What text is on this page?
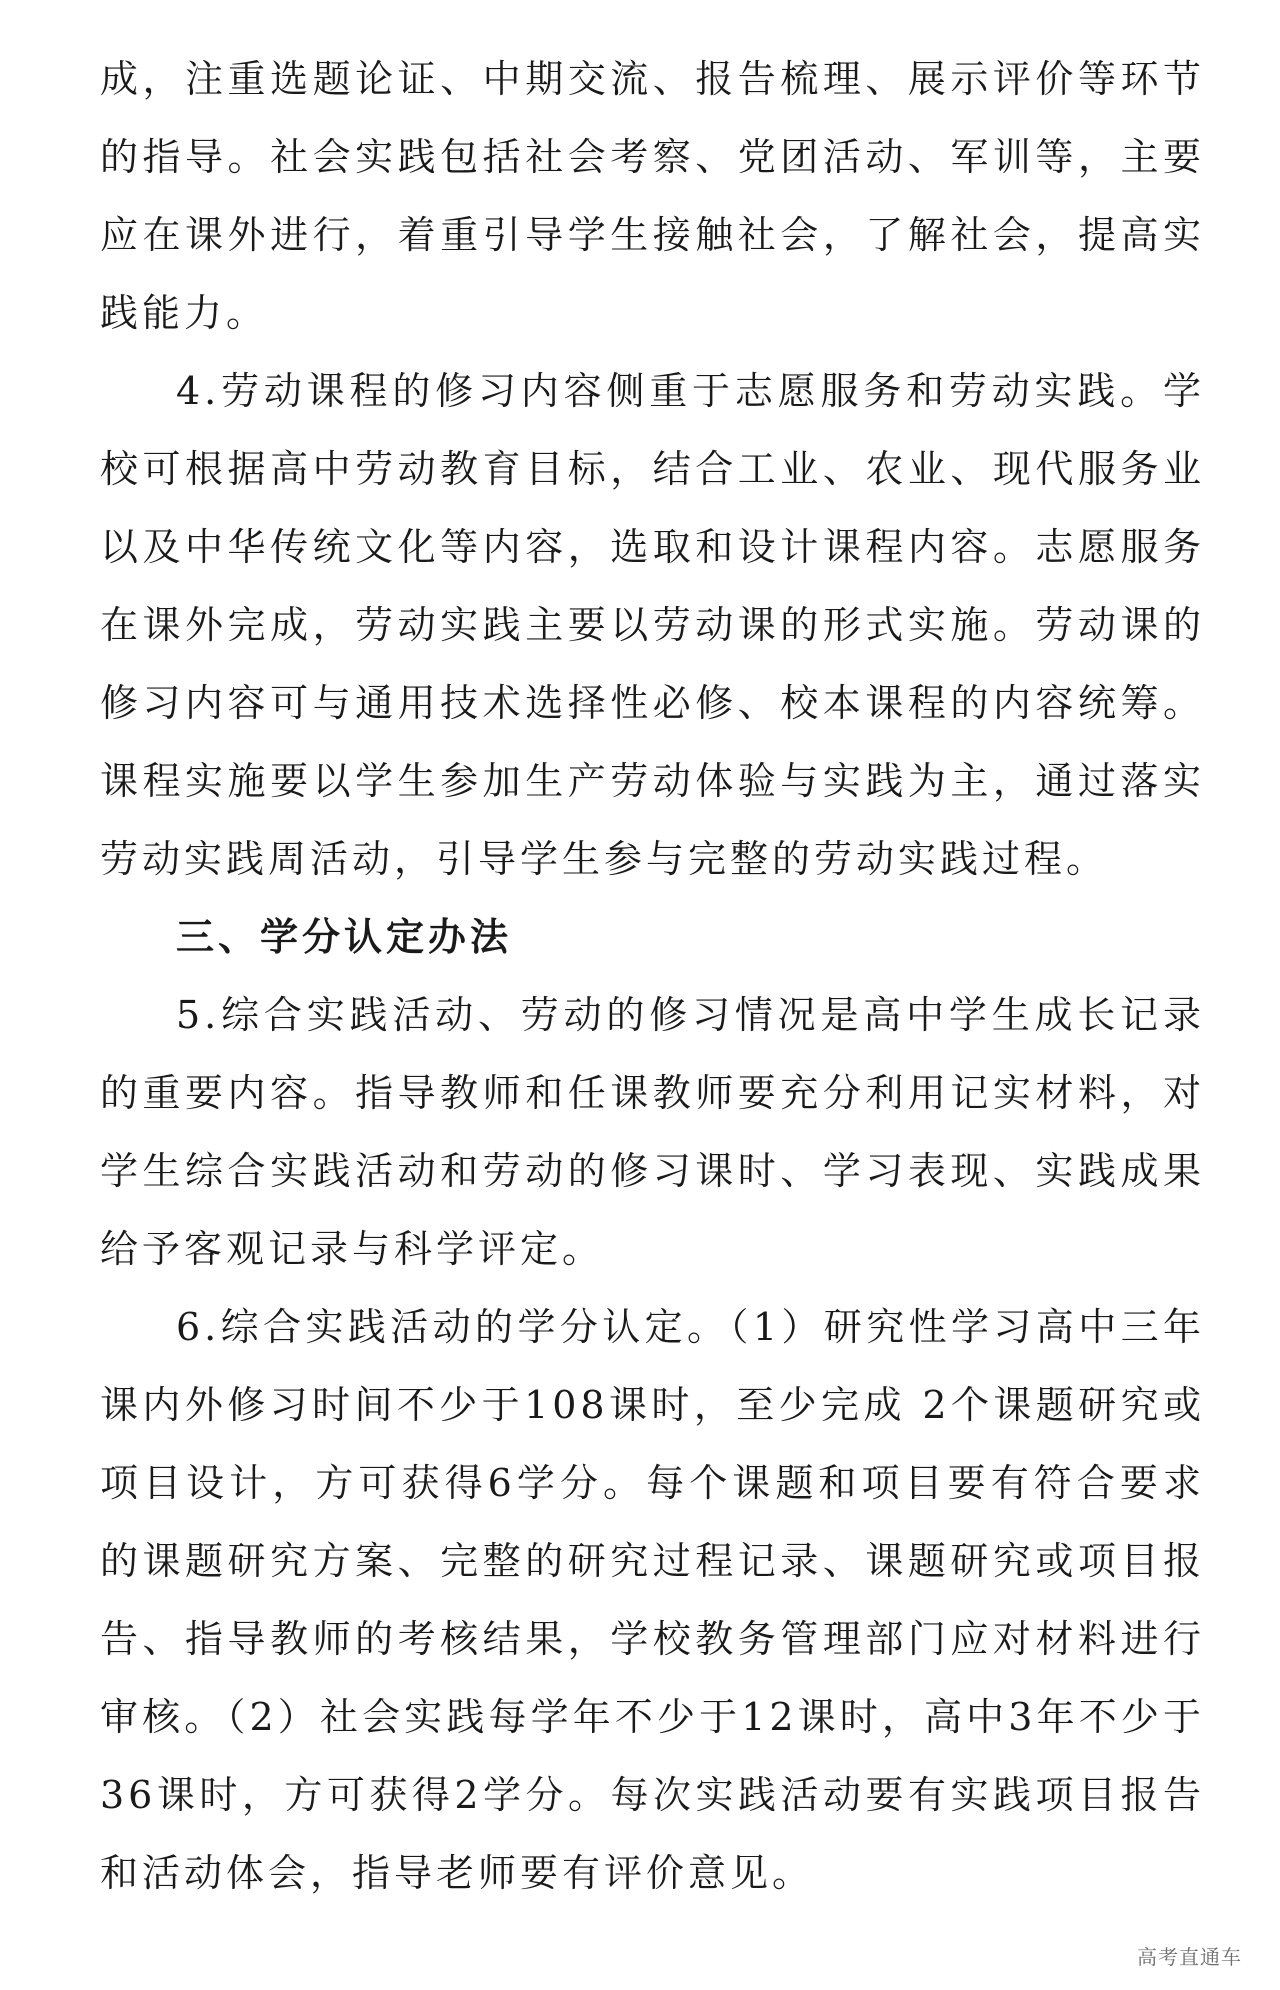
成，注重选题论证、中期交流、报告梳理、展示评价等环节的指导。社会实践包括社会考察、党团活动、军训等，主要应在课外进行，着重引导学生接触社会，了解社会，提高实践能力。

4.劳动课程的修习内容侧重于志愿服务和劳动实践。学校可根据高中劳动教育目标，结合工业、农业、现代服务业以及中华传统文化等内容，选取和设计课程内容。志愿服务在课外完成，劳动实践主要以劳动课的形式实施。劳动课的修习内容可与通用技术选择性必修、校本课程的内容统筹。课程实施要以学生参加生产劳动体验与实践为主，通过落实劳动实践周活动，引导学生参与完整的劳动实践过程。

三、学分认定办法

5.综合实践活动、劳动的修习情况是高中学生成长记录的重要内容。指导教师和任课教师要充分利用记实材料，对学生综合实践活动和劳动的修习课时、学习表现、实践成果给予客观记录与科学评定。

6.综合实践活动的学分认定。（1）研究性学习高中三年课内外修习时间不少于108课时，至少完成 2个课题研究或项目设计，方可获得6学分。每个课题和项目要有符合要求的课题研究方案、完整的研究过程记录、课题研究或项目报告、指导教师的考核结果，学校教务管理部门应对材料进行审核。（2）社会实践每学年不少于12课时，高中3年不少于36课时，方可获得2学分。每次实践活动要有实践项目报告和活动体会，指导老师要有评价意见。

高考直通车
